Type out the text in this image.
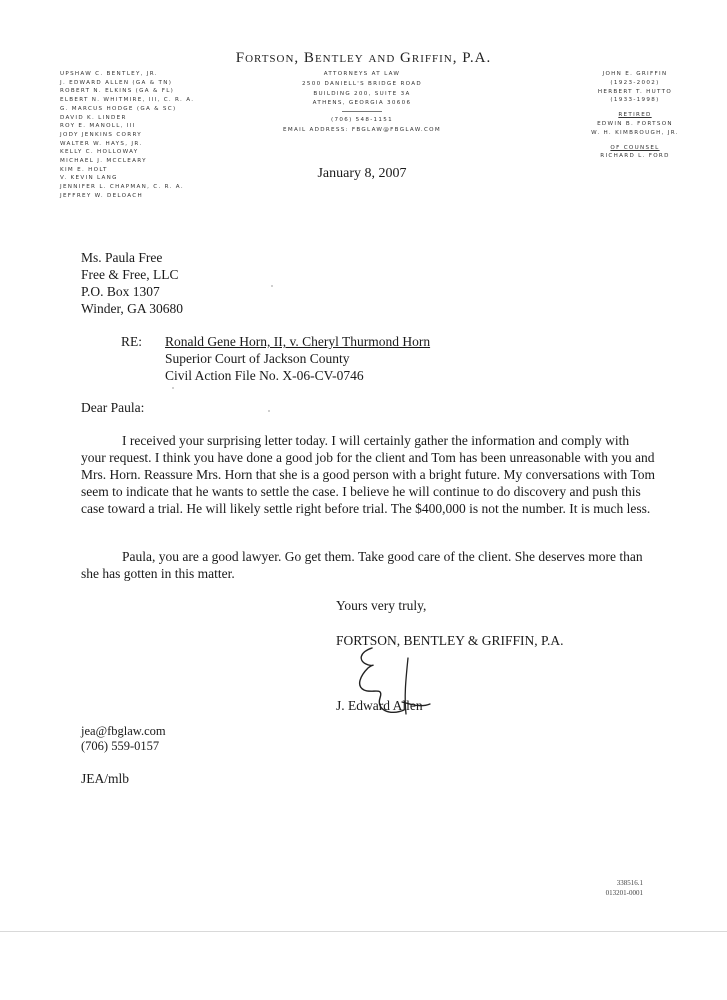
Fortson, Bentley and Griffin, P.A.
UPSHAW C. BENTLEY, JR.
J. EDWARD ALLEN (GA & TN)
ROBERT N. ELKINS (GA & FL)
ELBERT N. WHITMIRE, III, C. R. A.
G. MARCUS HODGE (GA & SC)
DAVID K. LINDER
ROY E. MANOLL, III
JODY JENKINS CORRY
WALTER W. HAYS, JR.
KELLY C. HOLLOWAY
MICHAEL J. MCCLEARY
KIM E. HOLT
V. KEVIN LANG
JENNIFER L. CHAPMAN, C. R. A.
JEFFREY W. DELOACH
ATTORNEYS AT LAW
2500 DANIELL'S BRIDGE ROAD
BUILDING 200, SUITE 3A
ATHENS, GEORGIA 30606
(706) 548-1151
EMAIL ADDRESS: FBGLAW@FBGLAW.COM
JOHN E. GRIFFIN
(1923-2002)
HERBERT T. HUTTO
(1933-1998)
RETIRED
EDWIN B. FORTSON
W. H. KIMBROUGH, JR.
OF COUNSEL
RICHARD L. FORD
January 8, 2007
Ms. Paula Free
Free & Free, LLC
P.O. Box 1307
Winder, GA 30680
RE: Ronald Gene Horn, II, v. Cheryl Thurmond Horn
Superior Court of Jackson County
Civil Action File No. X-06-CV-0746
Dear Paula:
I received your surprising letter today. I will certainly gather the information and comply with your request. I think you have done a good job for the client and Tom has been unreasonable with you and Mrs. Horn. Reassure Mrs. Horn that she is a good person with a bright future. My conversations with Tom seem to indicate that he wants to settle the case. I believe he will continue to do discovery and push this case toward a trial. He will likely settle right before trial. The $400,000 is not the number. It is much less.
Paula, you are a good lawyer. Go get them. Take good care of the client. She deserves more than she has gotten in this matter.
Yours very truly,
FORTSON, BENTLEY & GRIFFIN, P.A.
J. Edward Allen
jea@fbglaw.com
(706) 559-0157
JEA/mlb
338516.1
013201-0001
